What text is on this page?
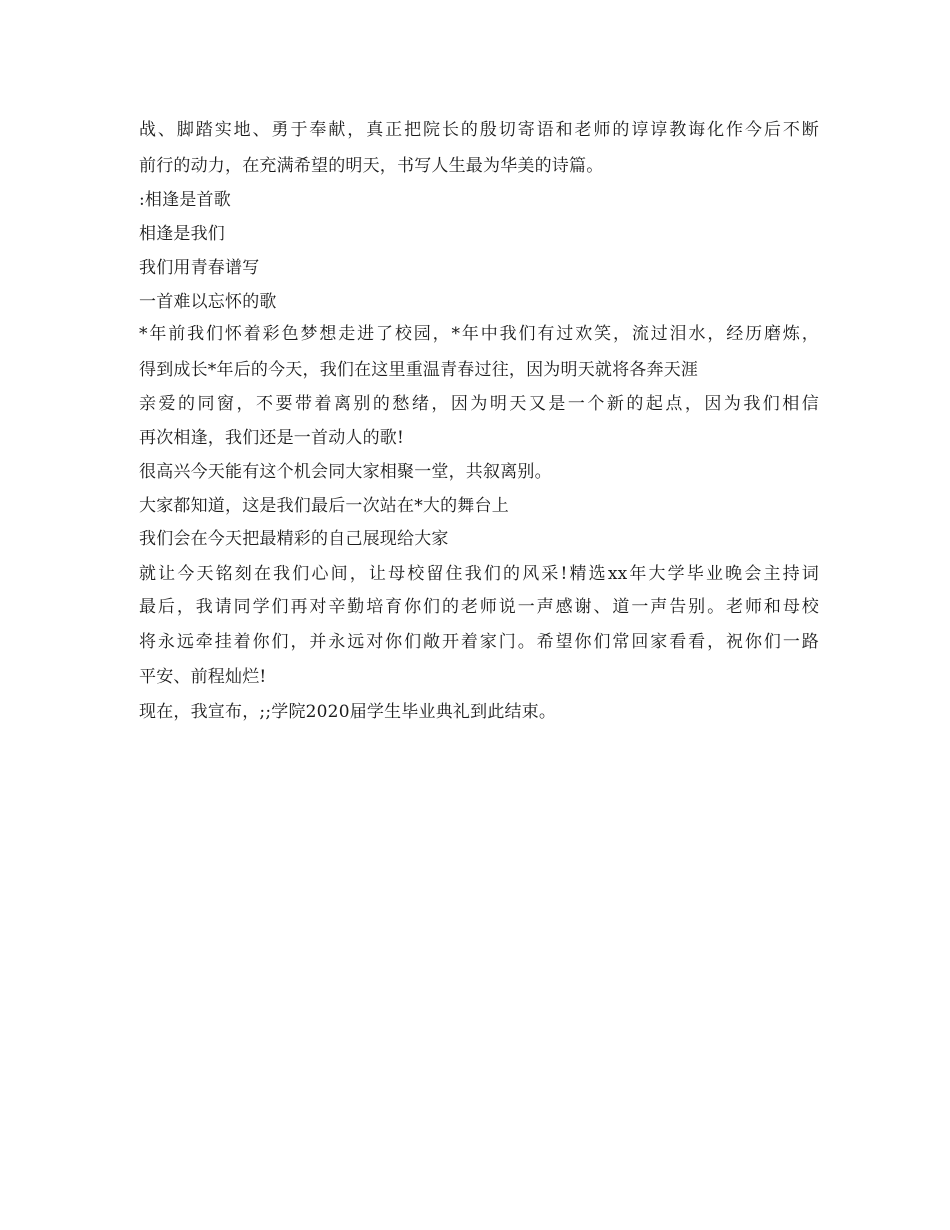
战、脚踏实地、勇于奉献，真正把院长的殷切寄语和老师的谆谆教诲化作今后不断
前行的动力，在充满希望的明天，书写人生最为华美的诗篇。
:相逢是首歌
相逢是我们
我们用青春谱写
一首难以忘怀的歌
*年前我们怀着彩色梦想走进了校园，*年中我们有过欢笑，流过泪水，经历磨炼，
得到成长*年后的今天，我们在这里重温青春过往，因为明天就将各奔天涯
亲爱的同窗，不要带着离别的愁绪，因为明天又是一个新的起点，因为我们相信
再次相逢，我们还是一首动人的歌!
很高兴今天能有这个机会同大家相聚一堂，共叙离别。
大家都知道，这是我们最后一次站在*大的舞台上
我们会在今天把最精彩的自己展现给大家
就让今天铭刻在我们心间，让母校留住我们的风采!精选xx年大学毕业晚会主持词
最后，我请同学们再对辛勤培育你们的老师说一声感谢、道一声告别。老师和母校
将永远牵挂着你们，并永远对你们敞开着家门。希望你们常回家看看，祝你们一路
平安、前程灿烂!
现在，我宣布，;;学院2020届学生毕业典礼到此结束。
